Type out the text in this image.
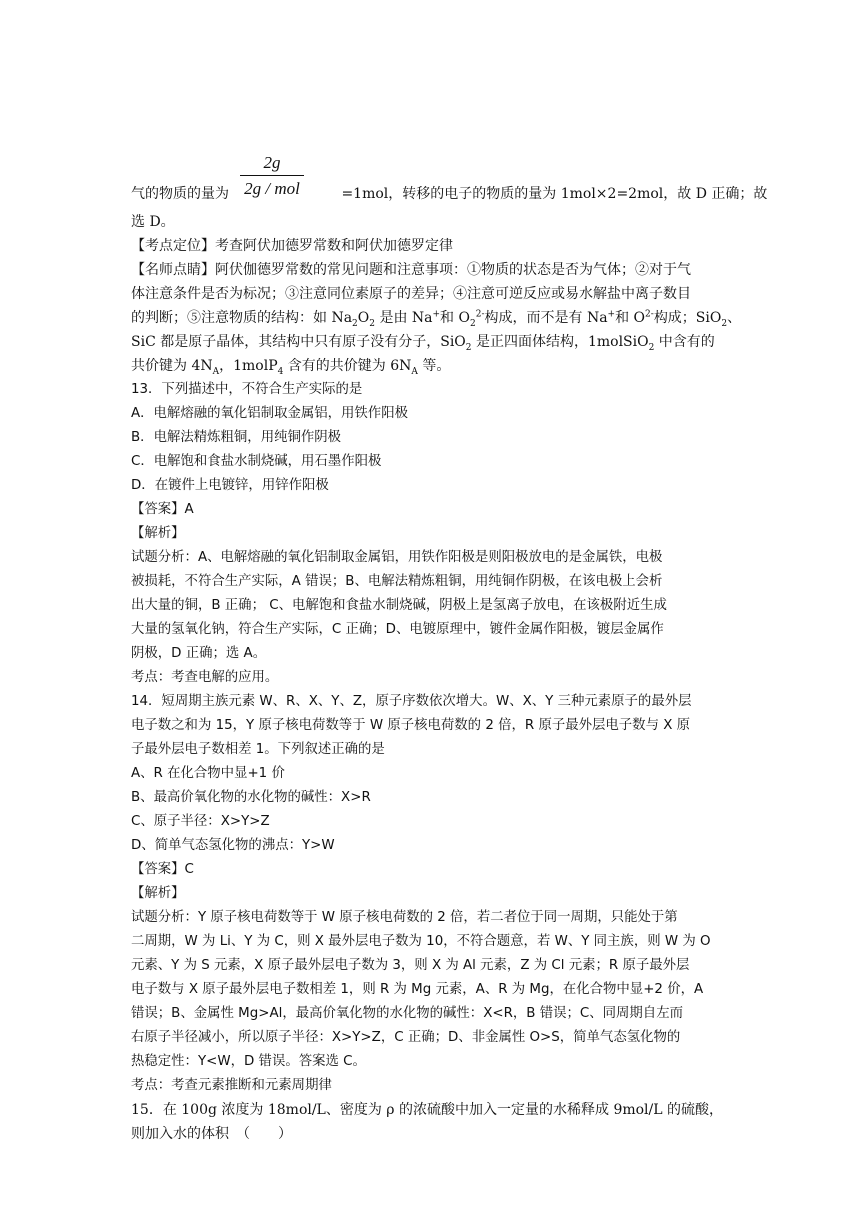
2g
2g / mol
气的物质的量为	=1mol，转移的电子的物质的量为 1mol×2=2mol，故 D 正确；故
选 D。
【考点定位】考查阿伏加德罗常数和阿伏加德罗定律
【名师点睛】阿伏伽德罗常数的常见问题和注意事项：①物质的状态是否为气体；②对于气
体注意条件是否为标况；③注意同位素原子的差异；④注意可逆反应或易水解盐中离子数目
的判断；⑤注意物质的结构：如 $Na_2O_2$ 是由 Na+和 $O_2^{2-}$构成，而不是有 Na+和 $O^{2-}$构成；SiO$_2$、
SiC 都是原子晶体，其结构中只有原子没有分子，SiO$_2$ 是正四面体结构，1molSiO$_2$ 中含有的
共价键为 $4N_A$，1molP$_4$ 含有的共价键为 $6N_A$ 等。
13．下列描述中，不符合生产实际的是
A．电解熔融的氧化铝制取金属铝，用铁作阳极
B．电解法精炼粗铜，用纯铜作阴极
C．电解饱和食盐水制烧碱，用石墨作阳极
D．在镀件上电镀锌，用锌作阳极
【答案】A
【解析】
试题分析：A、电解熔融的氧化铝制取金属铝，用铁作阳极是则阳极放电的是金属铁，电极
被损耗，不符合生产实际，A 错误；B、电解法精炼粗铜，用纯铜作阴极，在该电极上会析
出大量的铜，B 正确； C、电解饱和食盐水制烧碱，阴极上是氢离子放电，在该极附近生成
大量的氢氧化钠，符合生产实际，C 正确；D、电镀原理中，镀件金属作阳极，镀层金属作
阴极，D 正确；选 A。
考点：考查电解的应用。
14．短周期主族元素 W、R、X、Y、Z，原子序数依次增大。W、X、Y 三种元素原子的最外层
电子数之和为 15，Y 原子核电荷数等于 W 原子核电荷数的 2 倍，R 原子最外层电子数与 X 原
子最外层电子数相差 1。下列叙述正确的是
A、R 在化合物中显+1 价
B、最高价氧化物的水化物的碱性：X>R
C、原子半径：X>Y>Z
D、简单气态氢化物的沸点：Y>W
【答案】C
【解析】
试题分析：Y 原子核电荷数等于 W 原子核电荷数的 2 倍，若二者位于同一周期，只能处于第
二周期，W 为 Li、Y 为 C，则 X 最外层电子数为 10，不符合题意，若 W、Y 同主族，则 W 为 O
元素、Y 为 S 元素，X 原子最外层电子数为 3，则 X 为 Al 元素，Z 为 Cl 元素；R 原子最外层
电子数与 X 原子最外层电子数相差 1，则 R 为 Mg 元素，A、R 为 Mg，在化合物中显+2 价，A
错误；B、金属性 Mg>Al，最高价氧化物的水化物的碱性：X<R，B 错误；C、同周期自左而
右原子半径减小，所以原子半径：X>Y>Z，C 正确；D、非金属性 O>S，简单气态氢化物的
热稳定性：Y<W，D 错误。答案选 C。
考点：考查元素推断和元素周期律
15．在 100g 浓度为 18mol/L、密度为 ρ 的浓硫酸中加入一定量的水稀释成 9mol/L 的硫酸，
则加入水的体积　（　　）
